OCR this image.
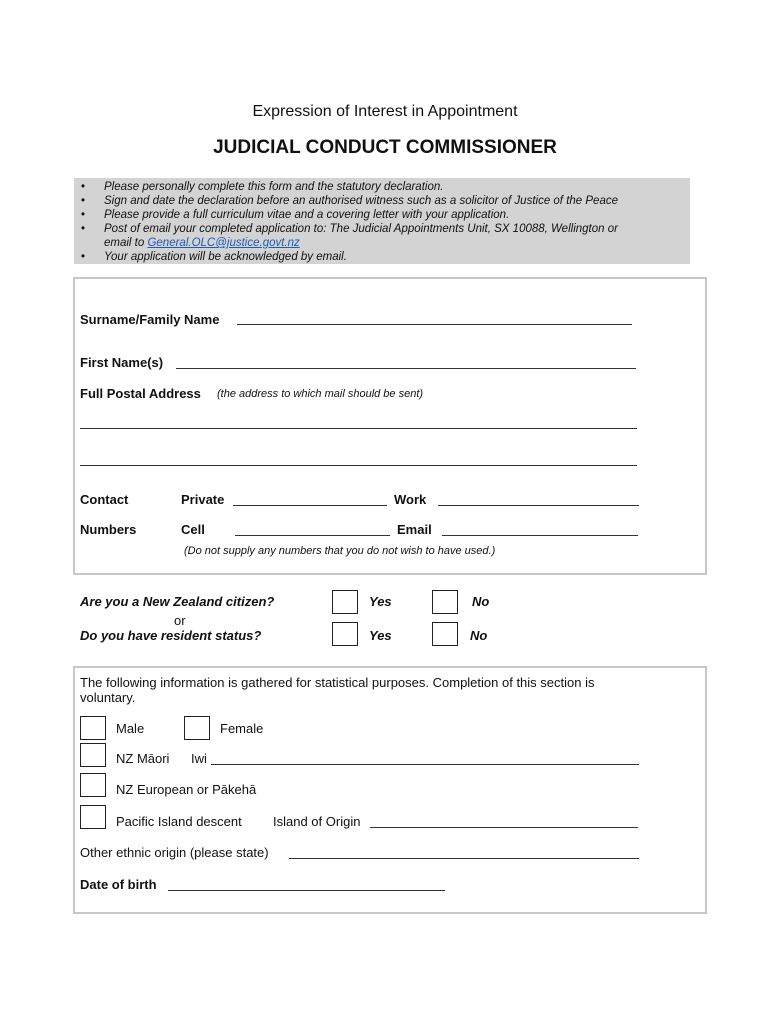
Expression of Interest in Appointment
JUDICIAL CONDUCT COMMISSIONER
• Please personally complete this form and the statutory declaration.
• Sign and date the declaration before an authorised witness such as a solicitor of Justice of the Peace
• Please provide a full curriculum vitae and a covering letter with your application.
• Post of email your completed application to: The Judicial Appointments Unit, SX 10088, Wellington or
email to General.OLC@justice.govt.nz
• Your application will be acknowledged by email.
Surname/Family Name
First Name(s)
Full Postal Address (the address to which mail should be sent)
Contact	Private	Work
Numbers	Cell	Email
(Do not supply any numbers that you do not wish to have used.)
Are you a New Zealand citizen?	Yes	No
or
Do you have resident status?	Yes	No
The following information is gathered for statistical purposes. Completion of this section is
voluntary.
Male	Female
NZ Māori Iwi
NZ European or Pākehā
Pacific Island descent Island of Origin
Other ethnic origin (please state)
Date of birth
